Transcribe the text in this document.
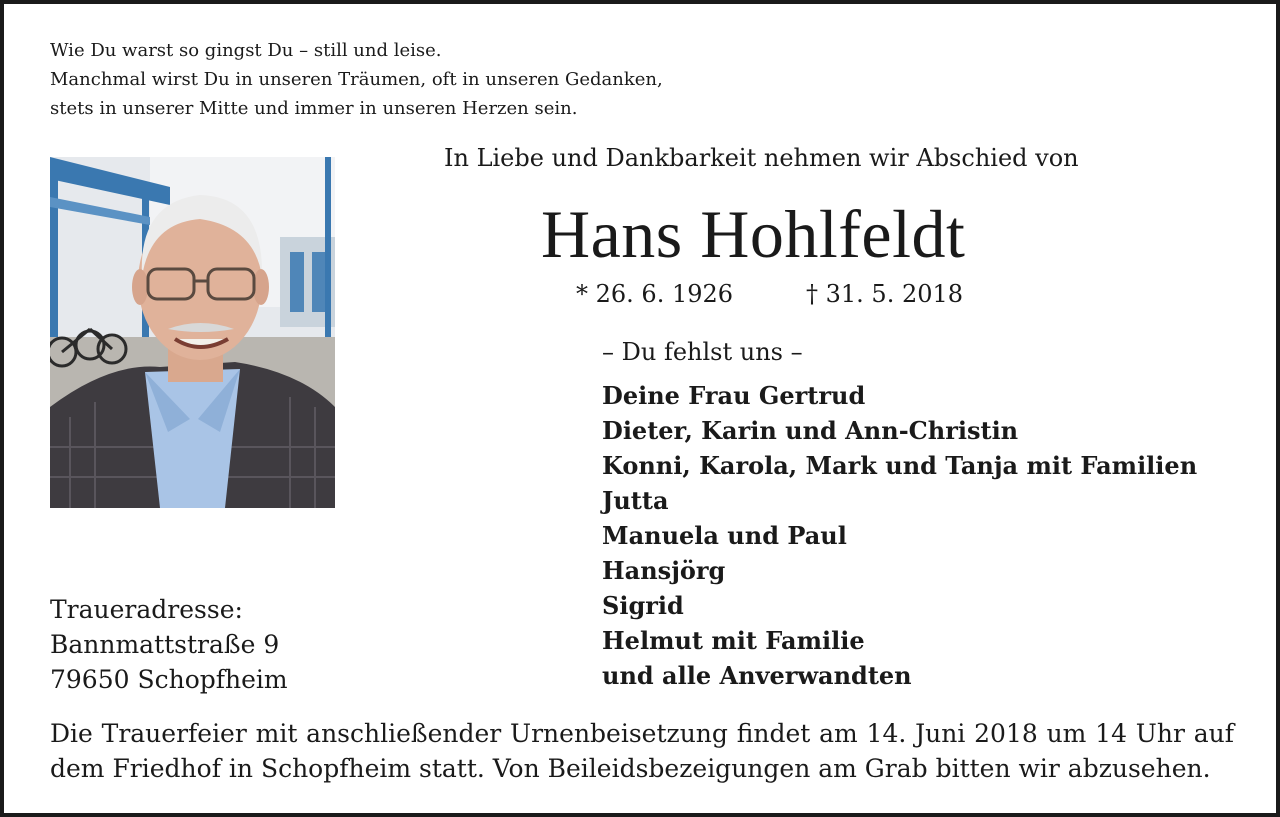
Wie Du warst so gingst Du – still und leise.
Manchmal wirst Du in unseren Träumen, oft in unseren Gedanken,
stets in unserer Mitte und immer in unseren Herzen sein.
In Liebe und Dankbarkeit nehmen wir Abschied von
Hans Hohlfeldt
* 26. 6. 1926	† 31. 5. 2018
– Du fehlst uns –
Deine Frau Gertrud
Dieter, Karin und Ann-Christin
Konni, Karola, Mark und Tanja mit Familien
Jutta
Manuela und Paul
Hansjörg
Sigrid
Helmut mit Familie
und alle Anverwandten
Traueradresse:
Bannmattstraße 9
79650 Schopfheim
Die Trauerfeier mit anschließender Urnenbeisetzung findet am 14. Juni 2018 um 14 Uhr auf dem Friedhof in Schopfheim statt. Von Beileidsbezeigungen am Grab bitten wir abzusehen.
